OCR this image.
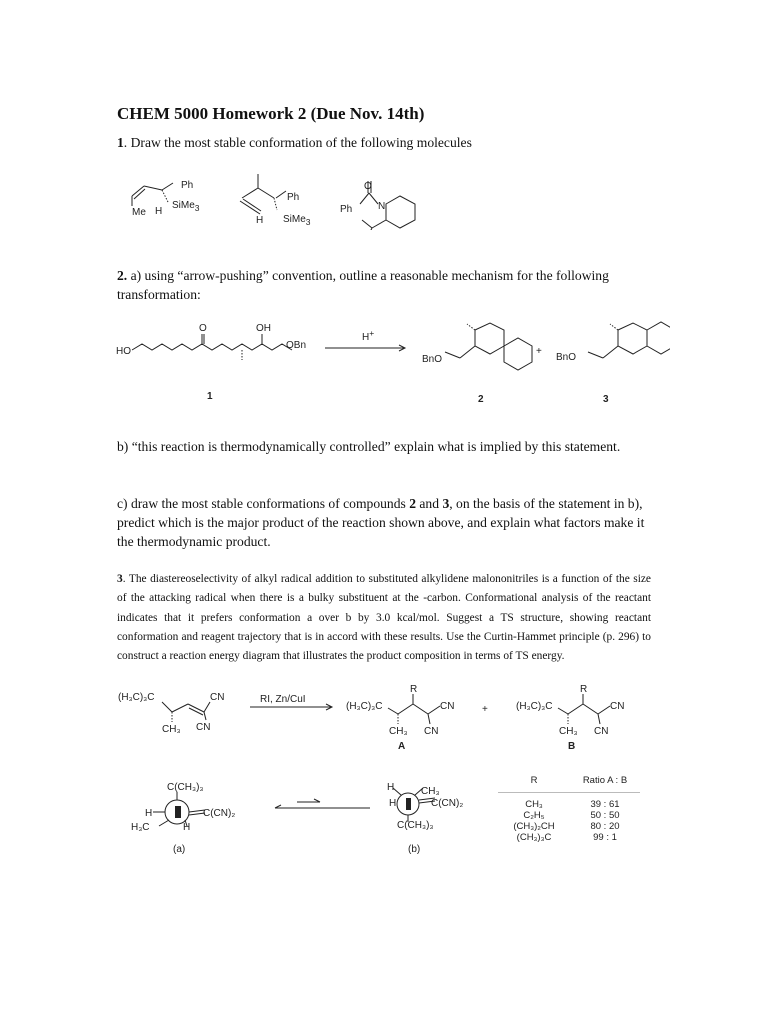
CHEM 5000 Homework 2 (Due Nov. 14th)
1. Draw the most stable conformation of the following molecules
Ph
SiMe$_3$
Me H
Ph
H SiMe$_3$
O
Ph	N
2. a) using “arrow-pushing” convention, outline a reasonable mechanism for the following transformation:
HO
O	OH
OBn
H+
BnO
+
BnO
1	2	3
b) “this reaction is thermodynamically controlled” explain what is implied by this statement.
c) draw the most stable conformations of compounds 2 and 3, on the basis of the statement in b), predict which is the major product of the reaction shown above, and explain what factors make it the thermodynamic product.
3. The diastereoselectivity of alkyl radical addition to substituted alkylidene malononitriles is a function of the size of the attacking radical when there is a bulky substituent at the -carbon. Conformational analysis of the reactant indicates that it prefers conformation a over b by 3.0 kcal/mol. Suggest a TS structure, showing reactant conformation and reagent trajectory that is in accord with these results. Use the Curtin-Hammet principle (p. 296) to construct a reaction energy diagram that illustrates the product composition in terms of TS energy.
(H₃C)₃C	CN
CH₃ CN
RI, Zn/CuI
R
(H₃C)₃C	CN
CH₃ CN
+
R
(H₃C)₃C	CN
CH₃ CN
A	B
C(CH₃)₃
H	C(CN)₂
H₃C	H
(a)
H	CH₃
H	C(CN)₂
C(CH₃)₃
(b)
R	Ratio A : B
CH₃	39 : 61
C₂H₅	50 : 50
(CH₃)₂CH	80 : 20
(CH₃)₃C	99 : 1
